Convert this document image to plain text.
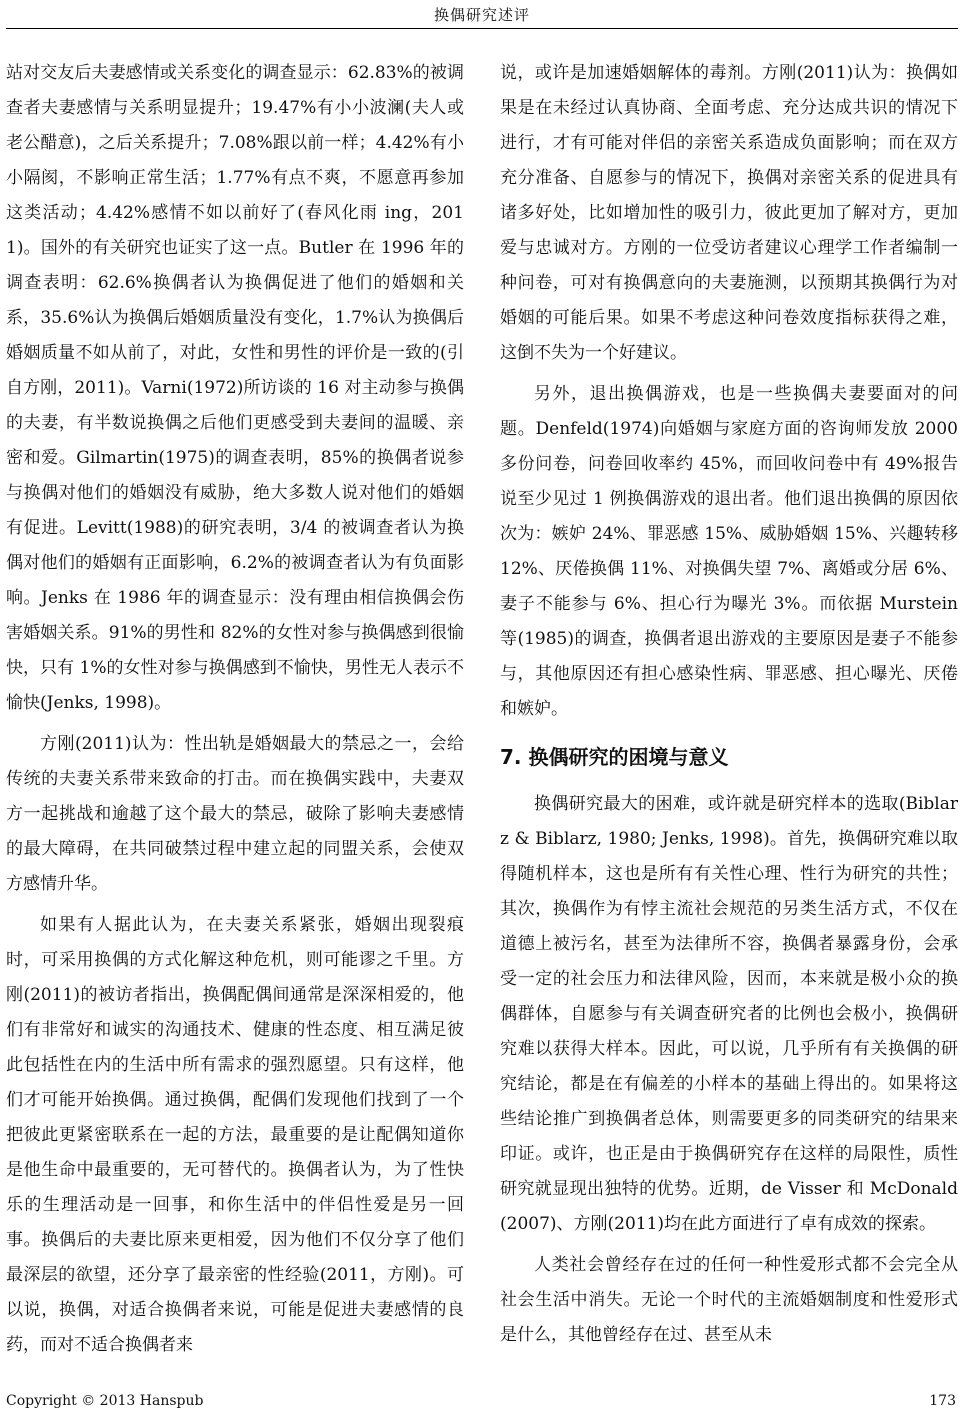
换偶研究述评

站对交友后夫妻感情或关系变化的调查显示：62.83%的被调查者夫妻感情与关系明显提升；19.47%有小小波澜(夫人或老公醋意)，之后关系提升；7.08%跟以前一样；4.42%有小小隔阂，不影响正常生活；1.77%有点不爽，不愿意再参加这类活动；4.42%感情不如以前好了(春风化雨 ing，2011)。国外的有关研究也证实了这一点。Butler 在 1996 年的调查表明：62.6%换偶者认为换偶促进了他们的婚姻和关系，35.6%认为换偶后婚姻质量没有变化，1.7%认为换偶后婚姻质量不如从前了，对此，女性和男性的评价是一致的(引自方刚，2011)。Varni(1972)所访谈的 16 对主动参与换偶的夫妻，有半数说换偶之后他们更感受到夫妻间的温暖、亲密和爱。Gilmartin(1975)的调查表明，85%的换偶者说参与换偶对他们的婚姻没有威胁，绝大多数人说对他们的婚姻有促进。Levitt(1988)的研究表明，3/4 的被调查者认为换偶对他们的婚姻有正面影响，6.2%的被调查者认为有负面影响。Jenks 在 1986 年的调查显示：没有理由相信换偶会伤害婚姻关系。91%的男性和 82%的女性对参与换偶感到很愉快，只有 1%的女性对参与换偶感到不愉快，男性无人表示不愉快(Jenks, 1998)。

方刚(2011)认为：性出轨是婚姻最大的禁忌之一，会给传统的夫妻关系带来致命的打击。而在换偶实践中，夫妻双方一起挑战和逾越了这个最大的禁忌，破除了影响夫妻感情的最大障碍，在共同破禁过程中建立起的同盟关系，会使双方感情升华。

如果有人据此认为，在夫妻关系紧张，婚姻出现裂痕时，可采用换偶的方式化解这种危机，则可能谬之千里。方刚(2011)的被访者指出，换偶配偶间通常是深深相爱的，他们有非常好和诚实的沟通技术、健康的性态度、相互满足彼此包括性在内的生活中所有需求的强烈愿望。只有这样，他们才可能开始换偶。通过换偶，配偶们发现他们找到了一个把彼此更紧密联系在一起的方法，最重要的是让配偶知道你是他生命中最重要的，无可替代的。换偶者认为，为了性快乐的生理活动是一回事，和你生活中的伴侣性爱是另一回事。换偶后的夫妻比原来更相爱，因为他们不仅分享了他们最深层的欲望，还分享了最亲密的性经验(2011，方刚)。可以说，换偶，对适合换偶者来说，可能是促进夫妻感情的良药，而对不适合换偶者来

说，或许是加速婚姻解体的毒剂。方刚(2011)认为：换偶如果是在未经过认真协商、全面考虑、充分达成共识的情况下进行，才有可能对伴侣的亲密关系造成负面影响；而在双方充分准备、自愿参与的情况下，换偶对亲密关系的促进具有诸多好处，比如增加性的吸引力，彼此更加了解对方，更加爱与忠诚对方。方刚的一位受访者建议心理学工作者编制一种问卷，可对有换偶意向的夫妻施测，以预期其换偶行为对婚姻的可能后果。如果不考虑这种问卷效度指标获得之难，这倒不失为一个好建议。

另外，退出换偶游戏，也是一些换偶夫妻要面对的问题。Denfeld(1974)向婚姻与家庭方面的咨询师发放 2000 多份问卷，问卷回收率约 45%，而回收问卷中有 49%报告说至少见过 1 例换偶游戏的退出者。他们退出换偶的原因依次为：嫉妒 24%、罪恶感 15%、威胁婚姻 15%、兴趣转移 12%、厌倦换偶 11%、对换偶失望 7%、离婚或分居 6%、妻子不能参与 6%、担心行为曝光 3%。而依据 Murstein 等(1985)的调查，换偶者退出游戏的主要原因是妻子不能参与，其他原因还有担心感染性病、罪恶感、担心曝光、厌倦和嫉妒。

7. 换偶研究的困境与意义

换偶研究最大的困难，或许就是研究样本的选取(Biblarz & Biblarz, 1980; Jenks, 1998)。首先，换偶研究难以取得随机样本，这也是所有有关性心理、性行为研究的共性；其次，换偶作为有悖主流社会规范的另类生活方式，不仅在道德上被污名，甚至为法律所不容，换偶者暴露身份，会承受一定的社会压力和法律风险，因而，本来就是极小众的换偶群体，自愿参与有关调查研究者的比例也会极小，换偶研究难以获得大样本。因此，可以说，几乎所有有关换偶的研究结论，都是在有偏差的小样本的基础上得出的。如果将这些结论推广到换偶者总体，则需要更多的同类研究的结果来印证。或许，也正是由于换偶研究存在这样的局限性，质性研究就显现出独特的优势。近期，de Visser 和 McDonald(2007)、方刚(2011)均在此方面进行了卓有成效的探索。

人类社会曾经存在过的任何一种性爱形式都不会完全从社会生活中消失。无论一个时代的主流婚姻制度和性爱形式是什么，其他曾经存在过、甚至从未

Copyright © 2013 Hanspub	173
